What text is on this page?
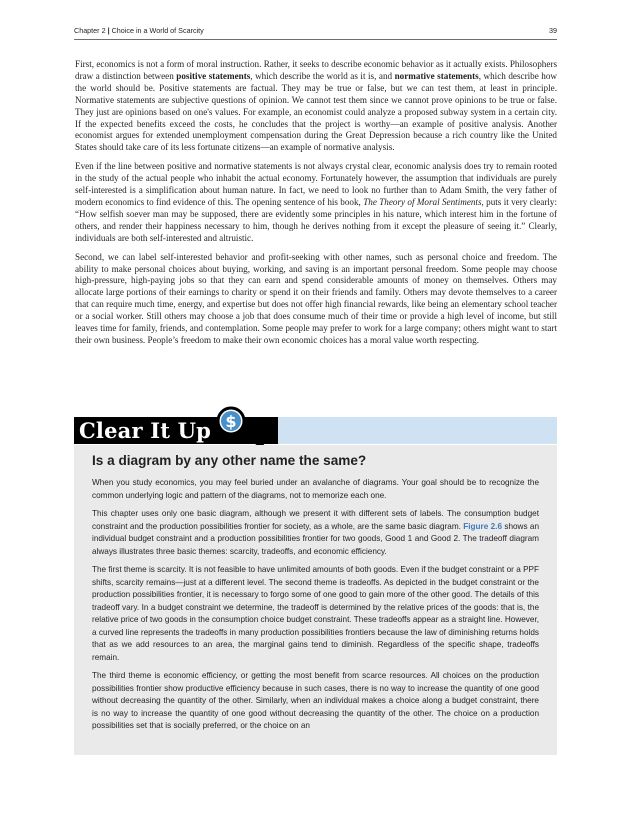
Chapter 2 | Choice in a World of Scarcity	39

First, economics is not a form of moral instruction. Rather, it seeks to describe economic behavior as it actually exists. Philosophers draw a distinction between positive statements, which describe the world as it is, and normative statements, which describe how the world should be. Positive statements are factual. They may be true or false, but we can test them, at least in principle. Normative statements are subjective questions of opinion. We cannot test them since we cannot prove opinions to be true or false. They just are opinions based on one's values. For example, an economist could analyze a proposed subway system in a certain city. If the expected benefits exceed the costs, he concludes that the project is worthy—an example of positive analysis. Another economist argues for extended unemployment compensation during the Great Depression because a rich country like the United States should take care of its less fortunate citizens—an example of normative analysis.

Even if the line between positive and normative statements is not always crystal clear, economic analysis does try to remain rooted in the study of the actual people who inhabit the actual economy. Fortunately however, the assumption that individuals are purely self-interested is a simplification about human nature. In fact, we need to look no further than to Adam Smith, the very father of modern economics to find evidence of this. The opening sentence of his book, The Theory of Moral Sentiments, puts it very clearly: “How selfish soever man may be supposed, there are evidently some principles in his nature, which interest him in the fortune of others, and render their happiness necessary to him, though he derives nothing from it except the pleasure of seeing it.” Clearly, individuals are both self-interested and altruistic.

Second, we can label self-interested behavior and profit-seeking with other names, such as personal choice and freedom. The ability to make personal choices about buying, working, and saving is an important personal freedom. Some people may choose high-pressure, high-paying jobs so that they can earn and spend considerable amounts of money on themselves. Others may allocate large portions of their earnings to charity or spend it on their friends and family. Others may devote themselves to a career that can require much time, energy, and expertise but does not offer high financial rewards, like being an elementary school teacher or a social worker. Still others may choose a job that does consume much of their time or provide a high level of income, but still leaves time for family, friends, and contemplation. Some people may prefer to work for a large company; others might want to start their own business. People’s freedom to make their own economic choices has a moral value worth respecting.

Clear It Up $
Is a diagram by any other name the same?

When you study economics, you may feel buried under an avalanche of diagrams. Your goal should be to recognize the common underlying logic and pattern of the diagrams, not to memorize each one.

This chapter uses only one basic diagram, although we present it with different sets of labels. The consumption budget constraint and the production possibilities frontier for society, as a whole, are the same basic diagram. Figure 2.6 shows an individual budget constraint and a production possibilities frontier for two goods, Good 1 and Good 2. The tradeoff diagram always illustrates three basic themes: scarcity, tradeoffs, and economic efficiency.

The first theme is scarcity. It is not feasible to have unlimited amounts of both goods. Even if the budget constraint or a PPF shifts, scarcity remains—just at a different level. The second theme is tradeoffs. As depicted in the budget constraint or the production possibilities frontier, it is necessary to forgo some of one good to gain more of the other good. The details of this tradeoff vary. In a budget constraint we determine, the tradeoff is determined by the relative prices of the goods: that is, the relative price of two goods in the consumption choice budget constraint. These tradeoffs appear as a straight line. However, a curved line represents the tradeoffs in many production possibilities frontiers because the law of diminishing returns holds that as we add resources to an area, the marginal gains tend to diminish. Regardless of the specific shape, tradeoffs remain.

The third theme is economic efficiency, or getting the most benefit from scarce resources. All choices on the production possibilities frontier show productive efficiency because in such cases, there is no way to increase the quantity of one good without decreasing the quantity of the other. Similarly, when an individual makes a choice along a budget constraint, there is no way to increase the quantity of one good without decreasing the quantity of the other. The choice on a production possibilities set that is socially preferred, or the choice on an
